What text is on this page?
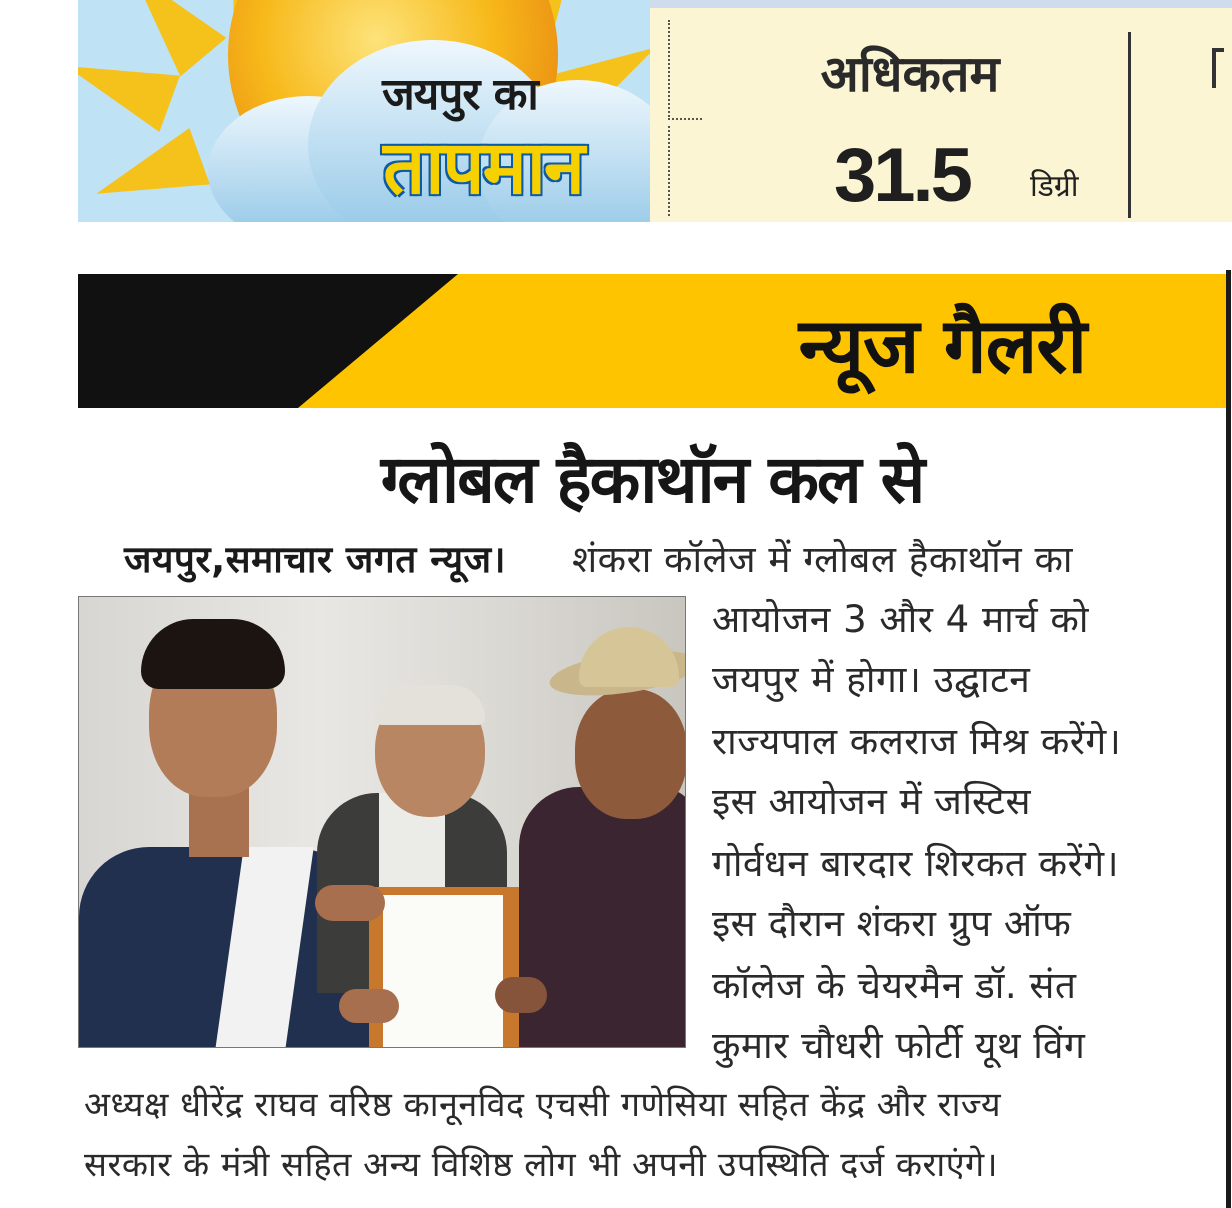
जयपुर का
तापमान
अधिकतम
31.5 डिग्री
न्यूज गैलरी
ग्लोबल हैकाथॉन कल से
जयपुर,समाचार जगत न्यूज। शंकरा कॉलेज में ग्लोबल हैकाथॉन का
आयोजन 3 और 4 मार्च को
जयपुर में होगा। उद्घाटन
राज्यपाल कलराज मिश्र करेंगे।
इस आयोजन में जस्टिस
गोर्वधन बारदार शिरकत करेंगे।
इस दौरान शंकरा ग्रुप ऑफ
कॉलेज के चेयरमैन डॉ. संत
कुमार चौधरी फोर्टी यूथ विंग
अध्यक्ष धीरेंद्र राघव वरिष्ठ कानूनविद एचसी गणेसिया सहित केंद्र और राज्य
सरकार के मंत्री सहित अन्य विशिष्ठ लोग भी अपनी उपस्थिति दर्ज कराएंगे।
